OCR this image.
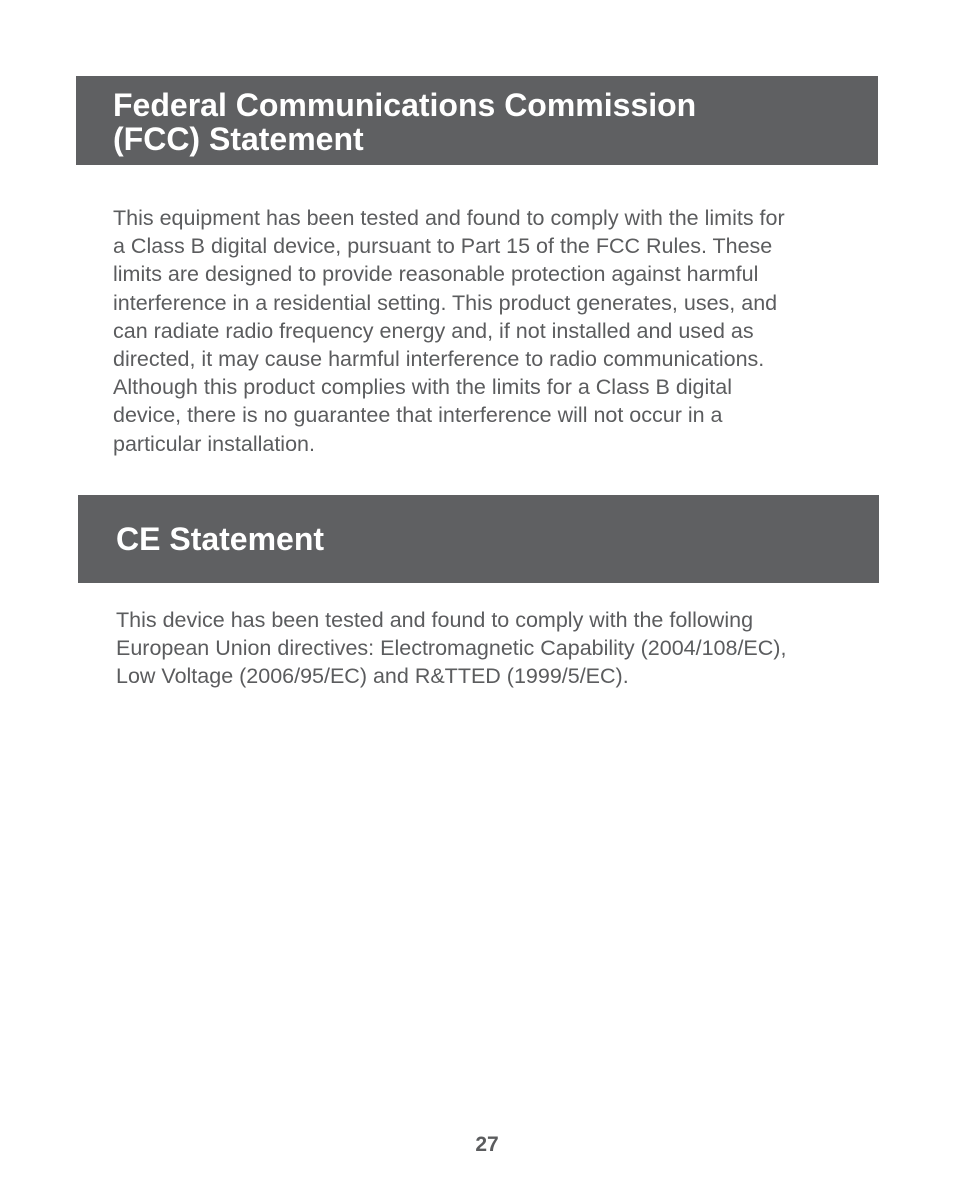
Federal Communications Commission
(FCC) Statement

This equipment has been tested and found to comply with the limits for
a Class B digital device, pursuant to Part 15 of the FCC Rules. These
limits are designed to provide reasonable protection against harmful
interference in a residential setting. This product generates, uses, and
can radiate radio frequency energy and, if not installed and used as
directed, it may cause harmful interference to radio communications.
Although this product complies with the limits for a Class B digital
device, there is no guarantee that interference will not occur in a
particular installation.

CE Statement

This device has been tested and found to comply with the following
European Union directives: Electromagnetic Capability (2004/108/EC),
Low Voltage (2006/95/EC) and R&TTED (1999/5/EC).

27
